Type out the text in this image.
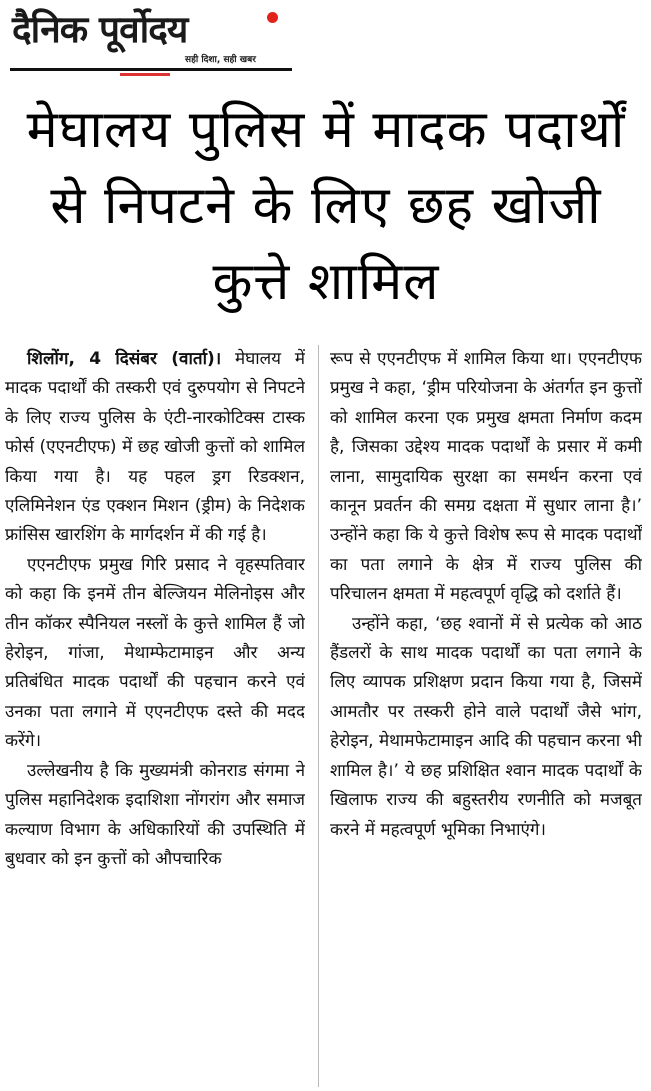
दैनिक पूर्वोदय
सही दिशा, सही खबर
मेघालय पुलिस में मादक पदार्थों से निपटने के लिए छह खोजी कुत्ते शामिल

शिलोंग, 4 दिसंबर (वार्ता)। मेघालय में मादक पदार्थों की तस्करी एवं दुरुपयोग से निपटने के लिए राज्य पुलिस के एंटी-नारकोटिक्स टास्क फोर्स (एएनटीएफ) में छह खोजी कुत्तों को शामिल किया गया है। यह पहल ड्रग रिडक्शन, एलिमिनेशन एंड एक्शन मिशन (ड्रीम) के निदेशक फ्रांसिस खारशिंग के मार्गदर्शन में की गई है।

एएनटीएफ प्रमुख गिरि प्रसाद ने वृहस्पतिवार को कहा कि इनमें तीन बेल्जियन मेलिनोइस और तीन कॉकर स्पैनियल नस्लों के कुत्ते शामिल हैं जो हेरोइन, गांजा, मेथाम्फेटामाइन और अन्य प्रतिबंधित मादक पदार्थों की पहचान करने एवं उनका पता लगाने में एएनटीएफ दस्ते की मदद करेंगे।

उल्लेखनीय है कि मुख्यमंत्री कोनराड संगमा ने पुलिस महानिदेशक इदाशिशा नोंगरांग और समाज कल्याण विभाग के अधिकारियों की उपस्थिति में बुधवार को इन कुत्तों को औपचारिक

रूप से एएनटीएफ में शामिल किया था। एएनटीएफ प्रमुख ने कहा, ‘ड्रीम परियोजना के अंतर्गत इन कुत्तों को शामिल करना एक प्रमुख क्षमता निर्माण कदम है, जिसका उद्देश्य मादक पदार्थों के प्रसार में कमी लाना, सामुदायिक सुरक्षा का समर्थन करना एवं कानून प्रवर्तन की समग्र दक्षता में सुधार लाना है।’ उन्होंने कहा कि ये कुत्ते विशेष रूप से मादक पदार्थों का पता लगाने के क्षेत्र में राज्य पुलिस की परिचालन क्षमता में महत्वपूर्ण वृद्धि को दर्शाते हैं।

उन्होंने कहा, ‘छह श्वानों में से प्रत्येक को आठ हैंडलरों के साथ मादक पदार्थों का पता लगाने के लिए व्यापक प्रशिक्षण प्रदान किया गया है, जिसमें आमतौर पर तस्करी होने वाले पदार्थों जैसे भांग, हेरोइन, मेथामफेटामाइन आदि की पहचान करना भी शामिल है।’ ये छह प्रशिक्षित श्वान मादक पदार्थों के खिलाफ राज्य की बहुस्तरीय रणनीति को मजबूत करने में महत्वपूर्ण भूमिका निभाएंगे।
